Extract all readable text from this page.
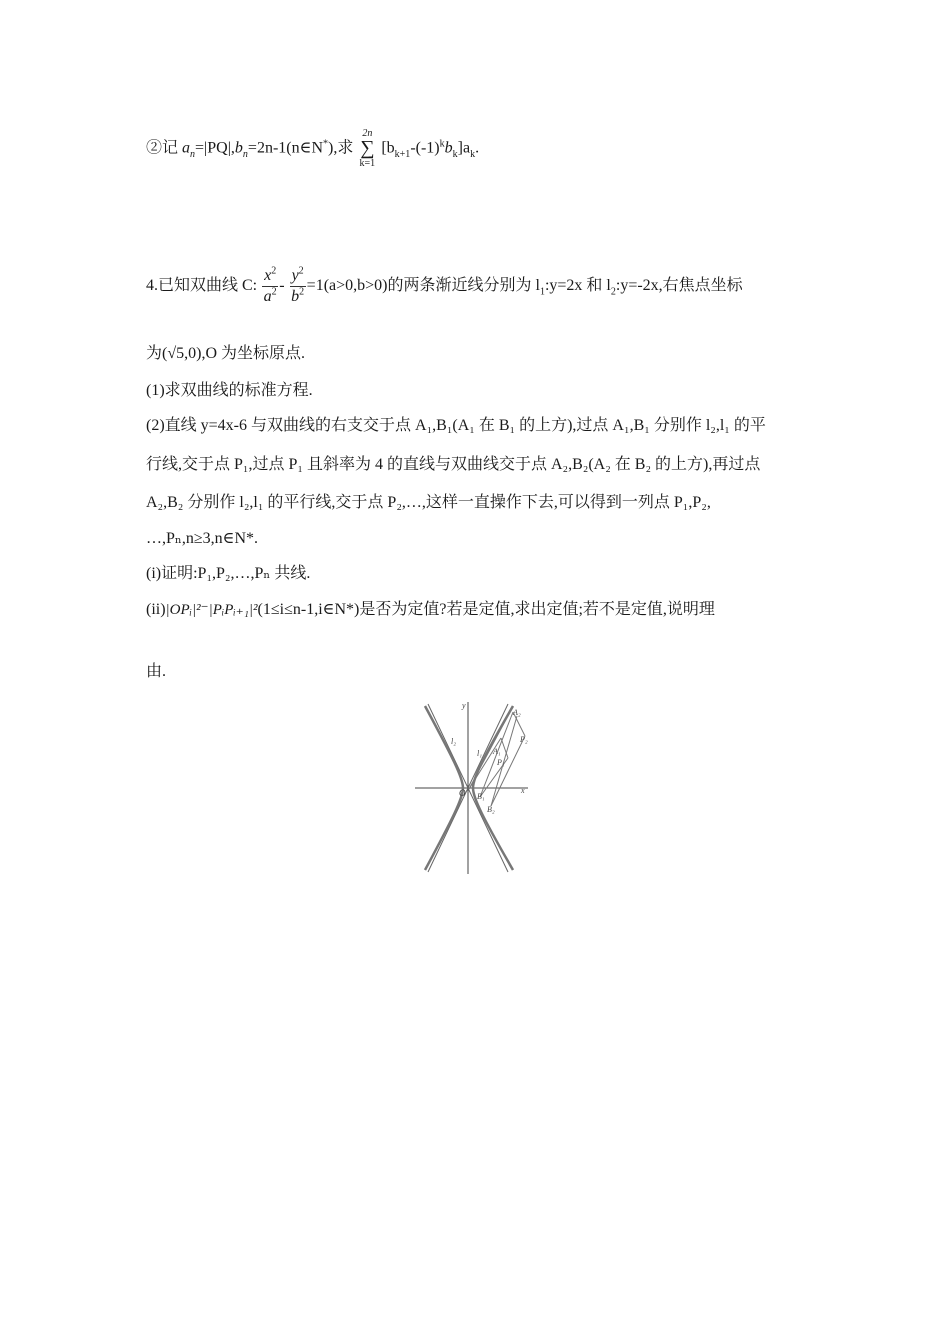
②记 $a_n=|PQ|,b_n=2n-1(n\in N^*)$,求
2n
∑
k=1
$[b_{k+1}-(-1)^kb_k]a_k$.
4.已知双曲线 C: $\frac{x^2}{a^2} - \frac{y^2}{b^2} =1(a>0,b>0)$的两条渐近线分别为 $l_1:y=2x$ 和 $l_2:y=-2x$,右焦点坐标
为(√5,0),O 为坐标原点.
(1)求双曲线的标准方程.
(2)直线 y=4x-6 与双曲线的右支交于点 A₁,B₁(A₁ 在 B₁ 的上方),过点 A₁,B₁ 分别作 l₂,l₁ 的平
行线,交于点 P₁,过点 P₁ 且斜率为 4 的直线与双曲线交于点 A₂,B₂(A₂ 在 B₂ 的上方),再过点
A₂,B₂ 分别作 l₂,l₁ 的平行线,交于点 P₂,…,这样一直操作下去,可以得到一列点 P₁,P₂,
…,Pₙ,n≥3,n∈N*.
(i)证明:P₁,P₂,…,Pₙ 共线.
(ii)|OPᵢ|²⁻|PᵢPᵢ₊₁|²(1≤i≤n-1,i∈N*)是否为定值?若是定值,求出定值;若不是定值,说明理
由.
y
x
O
l₂
l₁
A₂
P₂
P₁
A₁
B₁
B₂
